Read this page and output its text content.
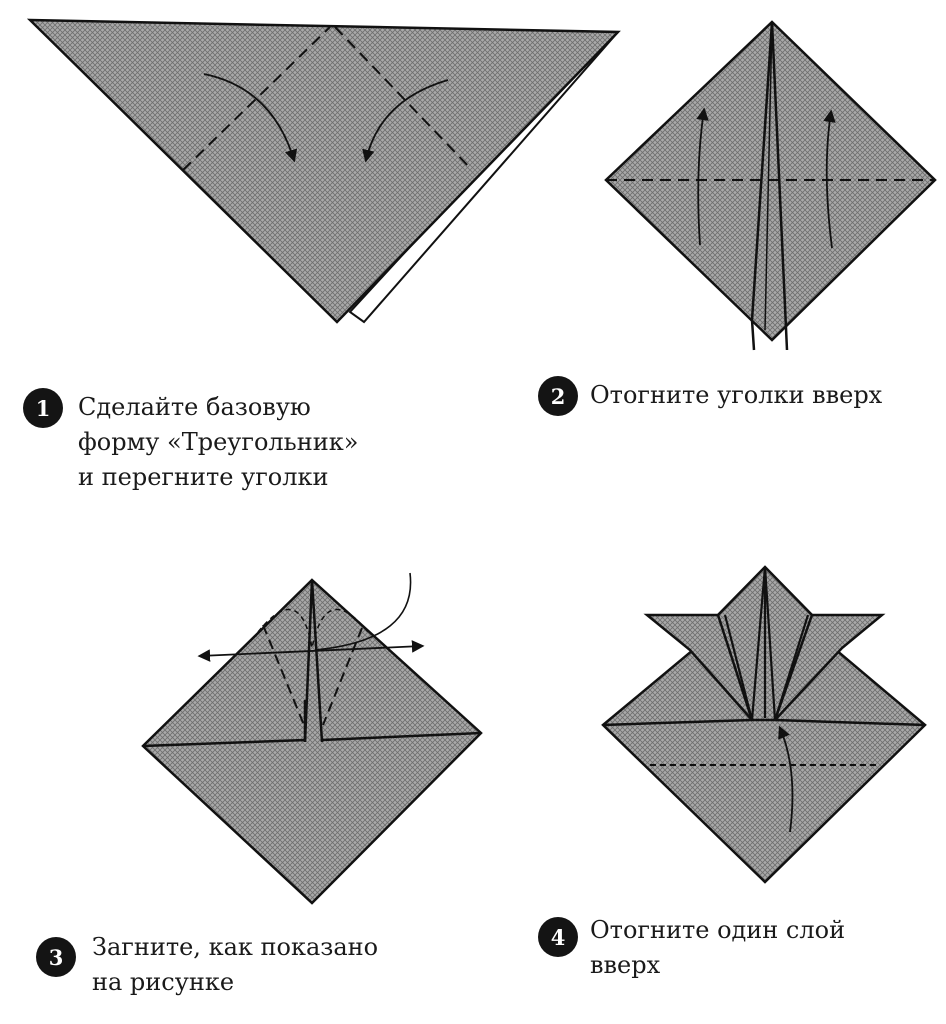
1	Сделайте базовую
форму «Треугольник»
и перегните уголки
2	Отогните уголки вверх
3	Загните, как показано
на рисунке
4	Отогните один слой
вверх
